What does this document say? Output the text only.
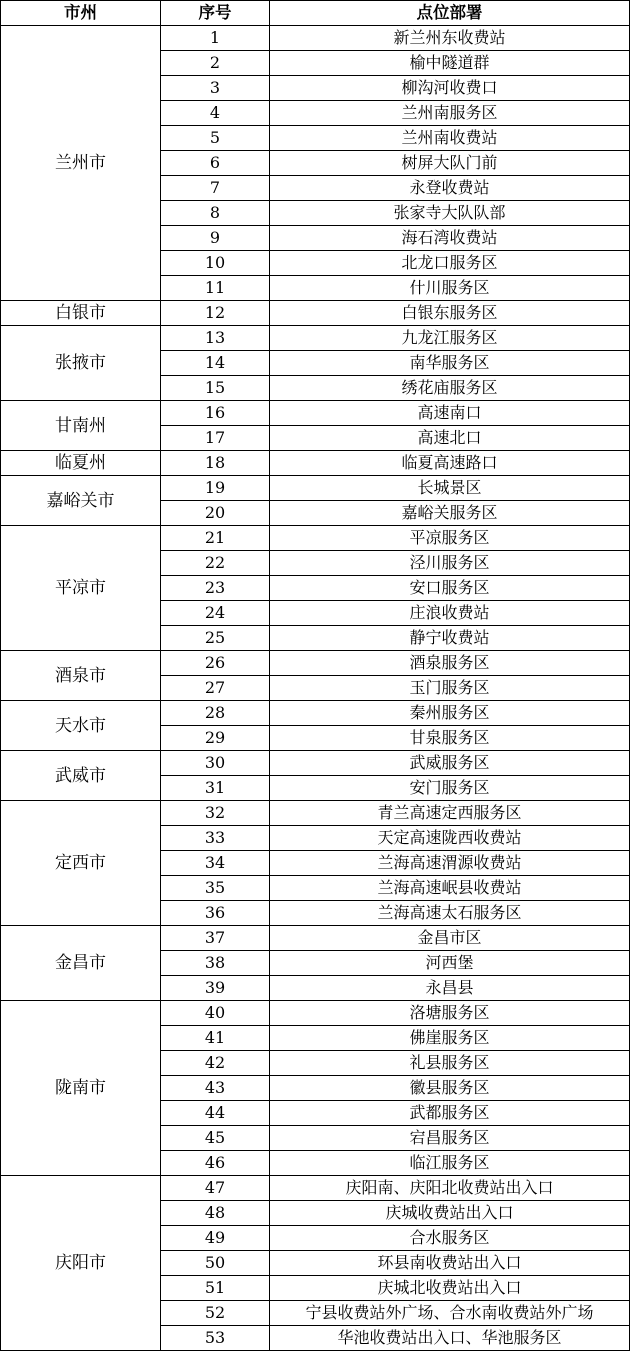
市州	序号	点位部署
兰州市	1	新兰州东收费站
	2	榆中隧道群
	3	柳沟河收费口
	4	兰州南服务区
	5	兰州南收费站
	6	树屏大队门前
	7	永登收费站
	8	张家寺大队队部
	9	海石湾收费站
	10	北龙口服务区
	11	什川服务区
白银市	12	白银东服务区
张掖市	13	九龙江服务区
	14	南华服务区
	15	绣花庙服务区
甘南州	16	高速南口
	17	高速北口
临夏州	18	临夏高速路口
嘉峪关市	19	长城景区
	20	嘉峪关服务区
平凉市	21	平凉服务区
	22	泾川服务区
	23	安口服务区
	24	庄浪收费站
	25	静宁收费站
酒泉市	26	酒泉服务区
	27	玉门服务区
天水市	28	秦州服务区
	29	甘泉服务区
武威市	30	武威服务区
	31	安门服务区
定西市	32	青兰高速定西服务区
	33	天定高速陇西收费站
	34	兰海高速渭源收费站
	35	兰海高速岷县收费站
	36	兰海高速太石服务区
金昌市	37	金昌市区
	38	河西堡
	39	永昌县
陇南市	40	洛塘服务区
	41	佛崖服务区
	42	礼县服务区
	43	徽县服务区
	44	武都服务区
	45	宕昌服务区
	46	临江服务区
庆阳市	47	庆阳南、庆阳北收费站出入口
	48	庆城收费站出入口
	49	合水服务区
	50	环县南收费站出入口
	51	庆城北收费站出入口
	52	宁县收费站外广场、合水南收费站外广场
	53	华池收费站出入口、华池服务区
